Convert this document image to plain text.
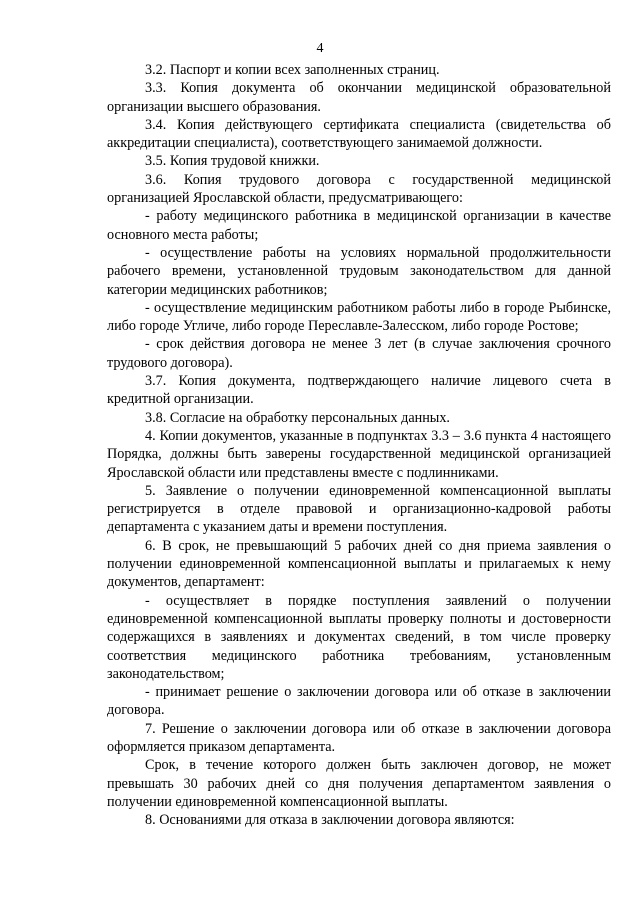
4

3.2. Паспорт и копии всех заполненных страниц.

3.3. Копия документа об окончании медицинской образовательной организации высшего образования.

3.4. Копия действующего сертификата специалиста (свидетельства об аккредитации специалиста), соответствующего занимаемой должности.

3.5. Копия трудовой книжки.

3.6. Копия трудового договора с государственной медицинской организацией Ярославской области, предусматривающего:

- работу медицинского работника в медицинской организации в качестве основного места работы;

- осуществление работы на условиях нормальной продолжительности рабочего времени, установленной трудовым законодательством для данной категории медицинских работников;

- осуществление медицинским работником работы либо в городе Рыбинске, либо городе Угличе, либо городе Переславле-Залесском, либо городе Ростове;

- срок действия договора не менее 3 лет (в случае заключения срочного трудового договора).

3.7. Копия документа, подтверждающего наличие лицевого счета в кредитной организации.

3.8. Согласие на обработку персональных данных.

4. Копии документов, указанные в подпунктах 3.3 – 3.6 пункта 4 настоящего Порядка, должны быть заверены государственной медицинской организацией Ярославской области или представлены вместе с подлинниками.

5. Заявление о получении единовременной компенсационной выплаты регистрируется в отделе правовой и организационно-кадровой работы департамента с указанием даты и времени поступления.

6. В срок, не превышающий 5 рабочих дней со дня приема заявления о получении единовременной компенсационной выплаты и прилагаемых к нему документов, департамент:

- осуществляет в порядке поступления заявлений о получении единовременной компенсационной выплаты проверку полноты и достоверности содержащихся в заявлениях и документах сведений, в том числе проверку соответствия медицинского работника требованиям, установленным законодательством;

- принимает решение о заключении договора или об отказе в заключении договора.

7. Решение о заключении договора или об отказе в заключении договора оформляется приказом департамента.

Срок, в течение которого должен быть заключен договор, не может превышать 30 рабочих дней со дня получения департаментом заявления о получении единовременной компенсационной выплаты.

8. Основаниями для отказа в заключении договора являются:
